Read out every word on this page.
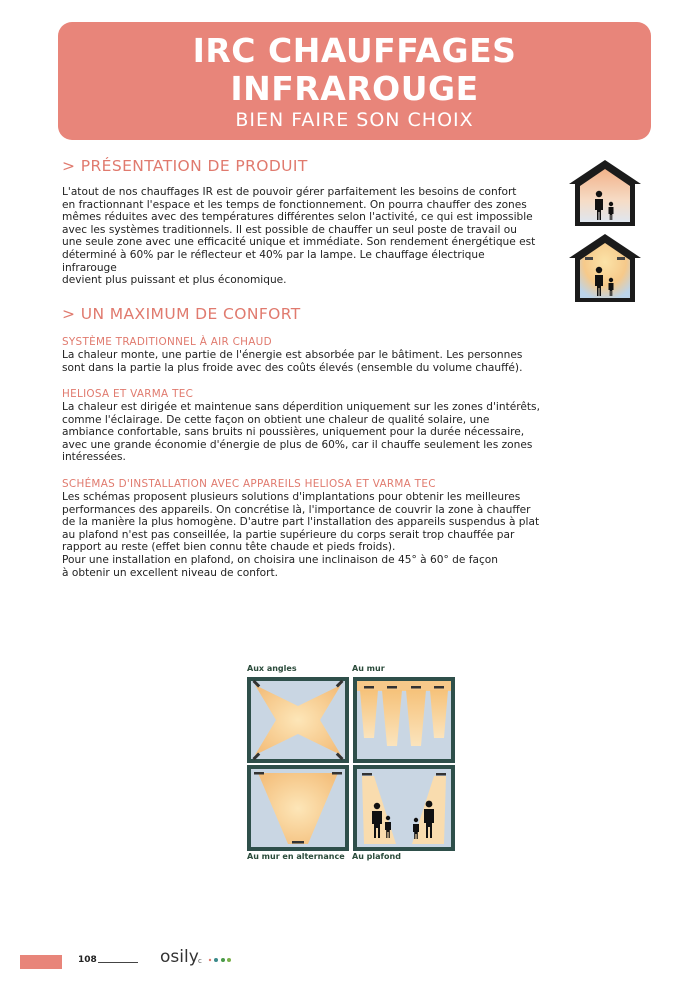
IRC CHAUFFAGES
INFRAROUGE
BIEN FAIRE SON CHOIX
> PRÉSENTATION DE PRODUIT
L'atout de nos chauffages IR est de pouvoir gérer parfaitement les besoins de confort
en fractionnant l'espace et les temps de fonctionnement. On pourra chauffer des zones
mêmes réduites avec des températures différentes selon l'activité, ce qui est impossible
avec les systèmes traditionnels. Il est possible de chauffer un seul poste de travail ou
une seule zone avec une efficacité unique et immédiate. Son rendement énergétique est
déterminé à 60% par le réflecteur et 40% par la lampe. Le chauffage électrique infrarouge
devient plus puissant et plus économique.
> UN MAXIMUM DE CONFORT
SYSTÈME TRADITIONNEL À AIR CHAUD
La chaleur monte, une partie de l'énergie est absorbée par le bâtiment. Les personnes
sont dans la partie la plus froide avec des coûts élevés (ensemble du volume chauffé).
HELIOSA ET VARMA TEC
La chaleur est dirigée et maintenue sans déperdition uniquement sur les zones d'intérêts,
comme l'éclairage. De cette façon on obtient une chaleur de qualité solaire, une
ambiance confortable, sans bruits ni poussières, uniquement pour la durée nécessaire,
avec une grande économie d'énergie de plus de 60%, car il chauffe seulement les zones
intéressées.
SCHÉMAS D'INSTALLATION AVEC APPAREILS HELIOSA ET VARMA TEC
Les schémas proposent plusieurs solutions d'implantations pour obtenir les meilleures
performances des appareils. On concrétise là, l'importance de couvrir la zone à chauffer
de la manière la plus homogène. D'autre part l'installation des appareils suspendus à plat
au plafond n'est pas conseillée, la partie supérieure du corps serait trop chauffée par
rapport au reste (effet bien connu tête chaude et pieds froids).
Pour une installation en plafond, on choisira une inclinaison de 45° à 60° de façon
à obtenir un excellent niveau de confort.
Aux angles	Au mur
Au mur en alternance Au plafond
108	osily c
